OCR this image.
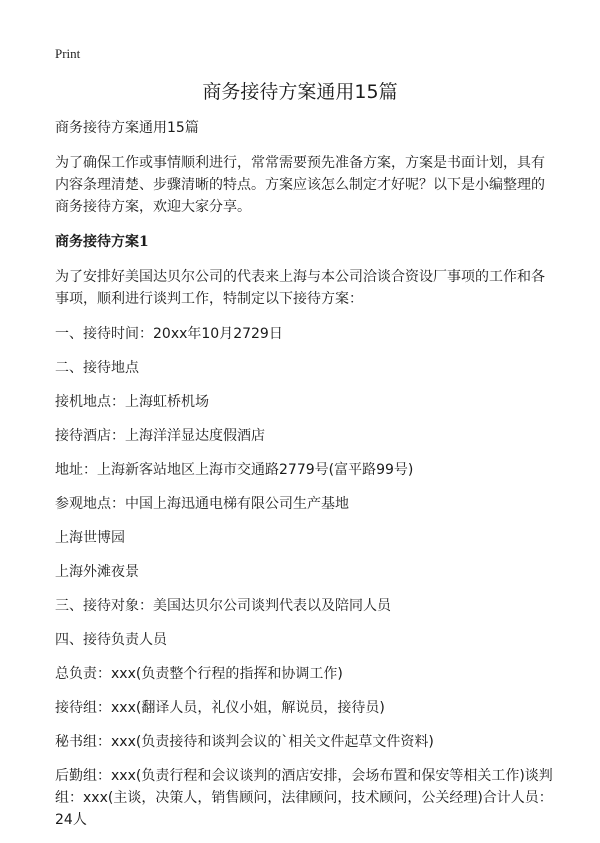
Print
商务接待方案通用15篇

商务接待方案通用15篇

为了确保工作或事情顺利进行，常常需要预先准备方案，方案是书面计划，具有内容条理清楚、步骤清晰的特点。方案应该怎么制定才好呢？以下是小编整理的商务接待方案，欢迎大家分享。

商务接待方案1

为了安排好美国达贝尔公司的代表来上海与本公司洽谈合资设厂事项的工作和各事项，顺利进行谈判工作，特制定以下接待方案：

一、接待时间：20xx年10月2729日

二、接待地点

接机地点：上海虹桥机场

接待酒店：上海洋洋显达度假酒店

地址：上海新客站地区上海市交通路2779号(富平路99号)

参观地点：中国上海迅通电梯有限公司生产基地

上海世博园

上海外滩夜景

三、接待对象：美国达贝尔公司谈判代表以及陪同人员

四、接待负责人员

总负责：xxx(负责整个行程的指挥和协调工作)

接待组：xxx(翻译人员，礼仪小姐，解说员，接待员)

秘书组：xxx(负责接待和谈判会议的`相关文件起草文件资料)

后勤组：xxx(负责行程和会议谈判的酒店安排，会场布置和保安等相关工作)谈判组：xxx(主谈，决策人，销售顾问，法律顾问，技术顾问，公关经理)合计人员：24人
